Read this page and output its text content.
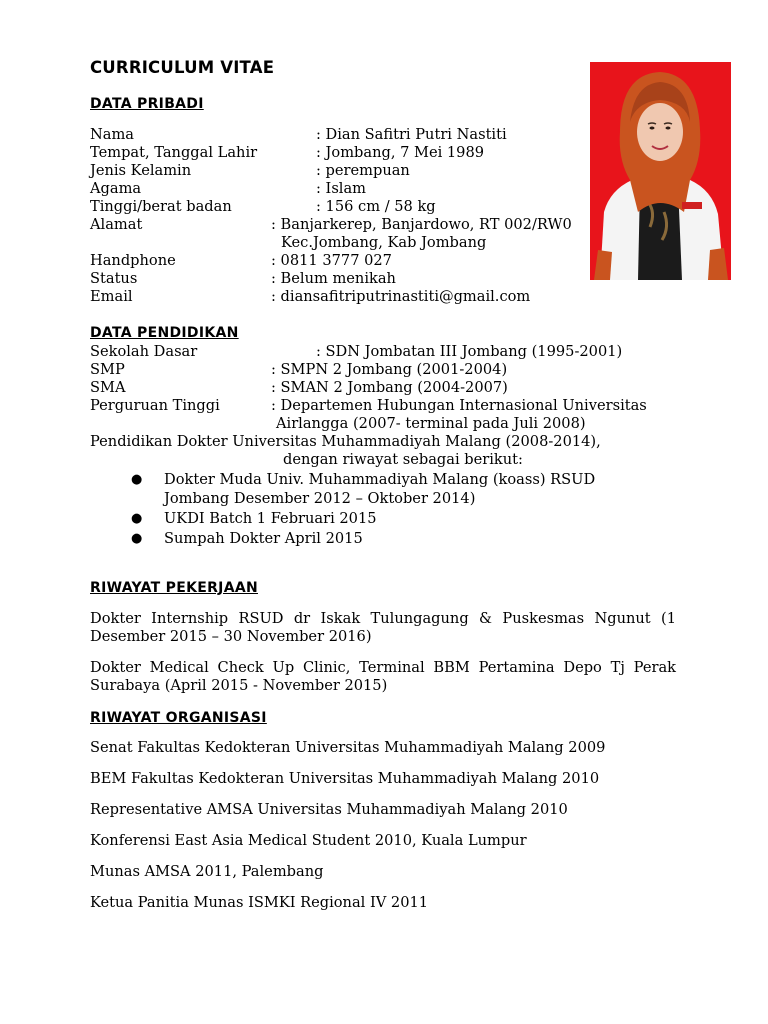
CURRICULUM VITAE
DATA PRIBADI
Nama	: Dian Safitri Putri Nastiti
Tempat, Tanggal Lahir	: Jombang, 7 Mei 1989
Jenis Kelamin	: perempuan
Agama	: Islam
Tinggi/berat badan	: 156 cm / 58 kg
Alamat	: Banjarkerep, Banjardowo, RT 002/RW0
Kec.Jombang, Kab Jombang
Handphone	: 0811 3777 027
Status	: Belum menikah
Email	: diansafitriputrinastiti@gmail.com
DATA PENDIDIKAN
Sekolah Dasar	: SDN Jombatan III Jombang (1995-2001)
SMP	: SMPN 2 Jombang (2001-2004)
SMA	: SMAN 2 Jombang (2004-2007)
Perguruan Tinggi	: Departemen Hubungan Internasional Universitas
Airlangga (2007- terminal pada Juli 2008)
Pendidikan Dokter Universitas Muhammadiyah Malang (2008-2014),
dengan riwayat sebagai berikut:
● Dokter Muda Univ. Muhammadiyah Malang (koass) RSUD
Jombang Desember 2012 – Oktober 2014)
● UKDI Batch 1 Februari 2015
● Sumpah Dokter April 2015
RIWAYAT PEKERJAAN
Dokter Internship RSUD dr Iskak Tulungagung & Puskesmas Ngunut (1 Desember 2015 – 30 November 2016)
Dokter Medical Check Up Clinic, Terminal BBM Pertamina Depo Tj Perak Surabaya (April 2015 - November 2015)
RIWAYAT ORGANISASI
Senat Fakultas Kedokteran Universitas Muhammadiyah Malang 2009
BEM Fakultas Kedokteran Universitas Muhammadiyah Malang 2010
Representative AMSA Universitas Muhammadiyah Malang 2010
Konferensi East Asia Medical Student 2010, Kuala Lumpur
Munas AMSA 2011, Palembang
Ketua Panitia Munas ISMKI Regional IV 2011
